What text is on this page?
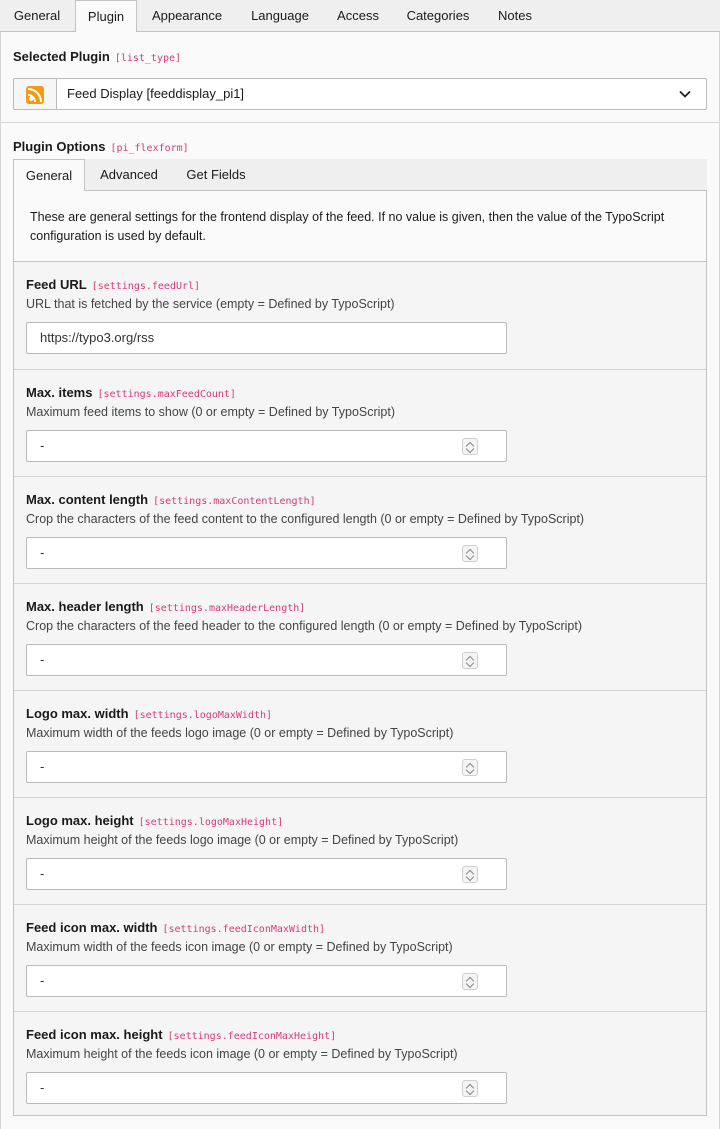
General	Plugin	Appearance	Language	Access	Categories	Notes
Selected Plugin [list_type]
Feed Display [feeddisplay_pi1]
Plugin Options [pi_flexform]
General	Advanced	Get Fields
These are general settings for the frontend display of the feed. If no value is given, then the value of the TypoScript configuration is used by default.
Feed URL [settings.feedUrl]
URL that is fetched by the service (empty = Defined by TypoScript)
https://typo3.org/rss
Max. items [settings.maxFeedCount]
Maximum feed items to show (0 or empty = Defined by TypoScript)
-
Max. content length [settings.maxContentLength]
Crop the characters of the feed content to the configured length (0 or empty = Defined by TypoScript)
-
Max. header length [settings.maxHeaderLength]
Crop the characters of the feed header to the configured length (0 or empty = Defined by TypoScript)
-
Logo max. width [settings.logoMaxWidth]
Maximum width of the feeds logo image (0 or empty = Defined by TypoScript)
-
Logo max. height [settings.logoMaxHeight]
Maximum height of the feeds logo image (0 or empty = Defined by TypoScript)
-
Feed icon max. width [settings.feedIconMaxWidth]
Maximum width of the feeds icon image (0 or empty = Defined by TypoScript)
-
Feed icon max. height [settings.feedIconMaxHeight]
Maximum height of the feeds icon image (0 or empty = Defined by TypoScript)
-
